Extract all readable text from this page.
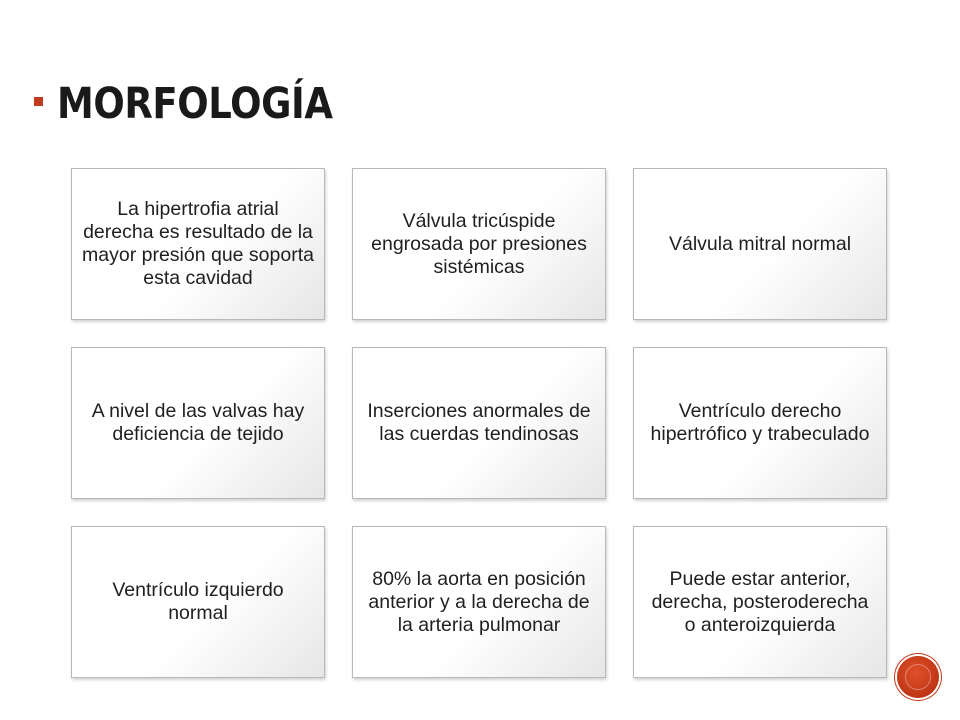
MORFOLOGÍA
La hipertrofia atrial derecha es resultado de la mayor presión que soporta esta cavidad
Válvula tricúspide engrosada por presiones sistémicas
Válvula mitral normal
A nivel de las valvas hay deficiencia de tejido
Inserciones anormales de las cuerdas tendinosas
Ventrículo derecho hipertrófico y trabeculado
Ventrículo izquierdo normal
80% la aorta en posición anterior y a la derecha de la arteria pulmonar
Puede estar anterior, derecha, posteroderecha o anteroizquierda
